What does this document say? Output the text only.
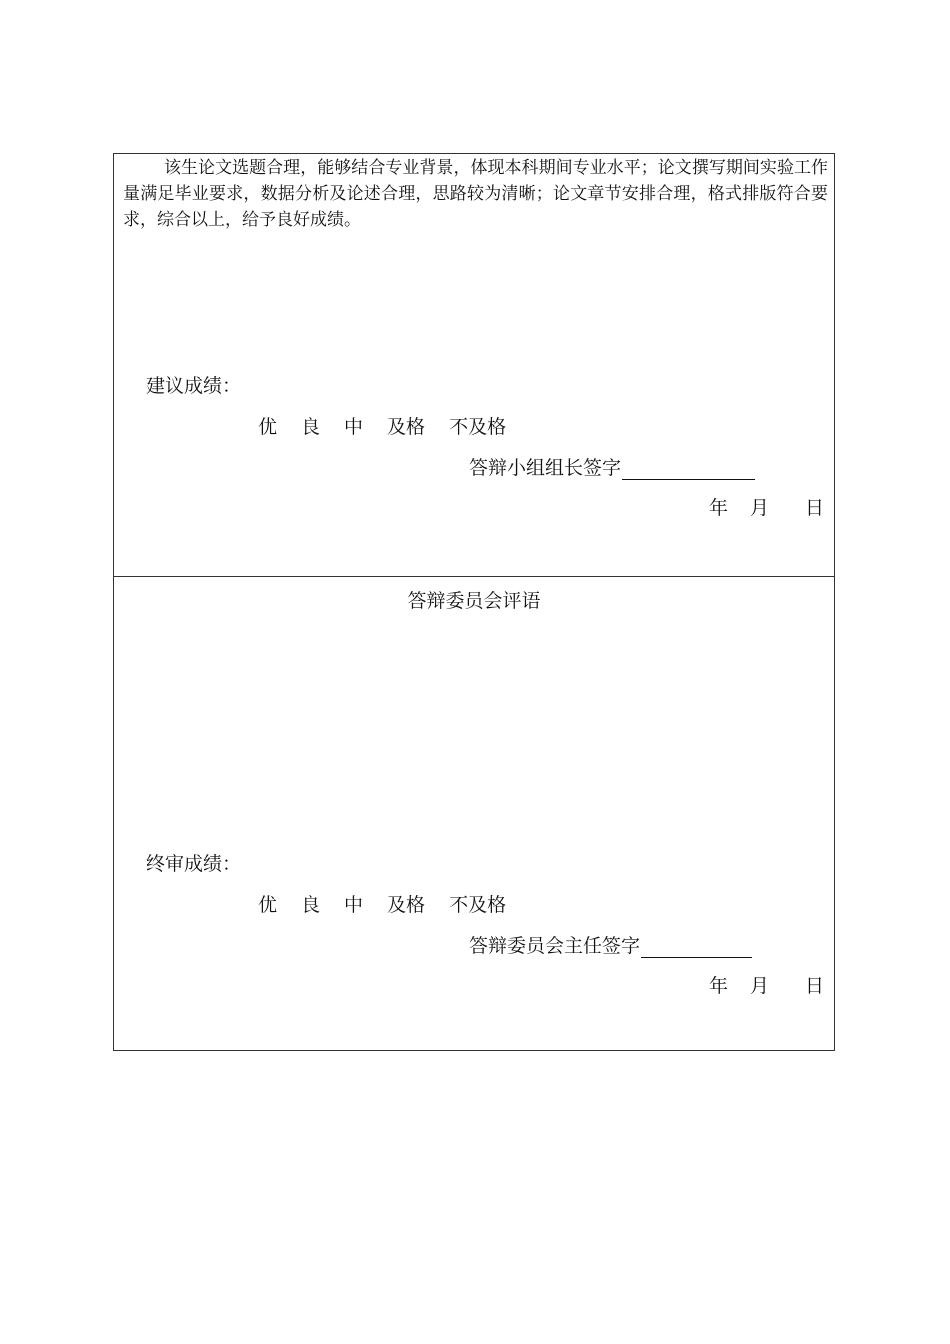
该生论文选题合理，能够结合专业背景，体现本科期间专业水平；论文撰写期间实验工作量满足毕业要求，数据分析及论述合理，思路较为清晰；论文章节安排合理，格式排版符合要求，综合以上，给予良好成绩。
建议成绩：
优 良 中 及格 不及格
答辩小组组长签字
年 月 日
答辩委员会评语
终审成绩：
优 良 中 及格 不及格
答辩委员会主任签字
年 月 日
